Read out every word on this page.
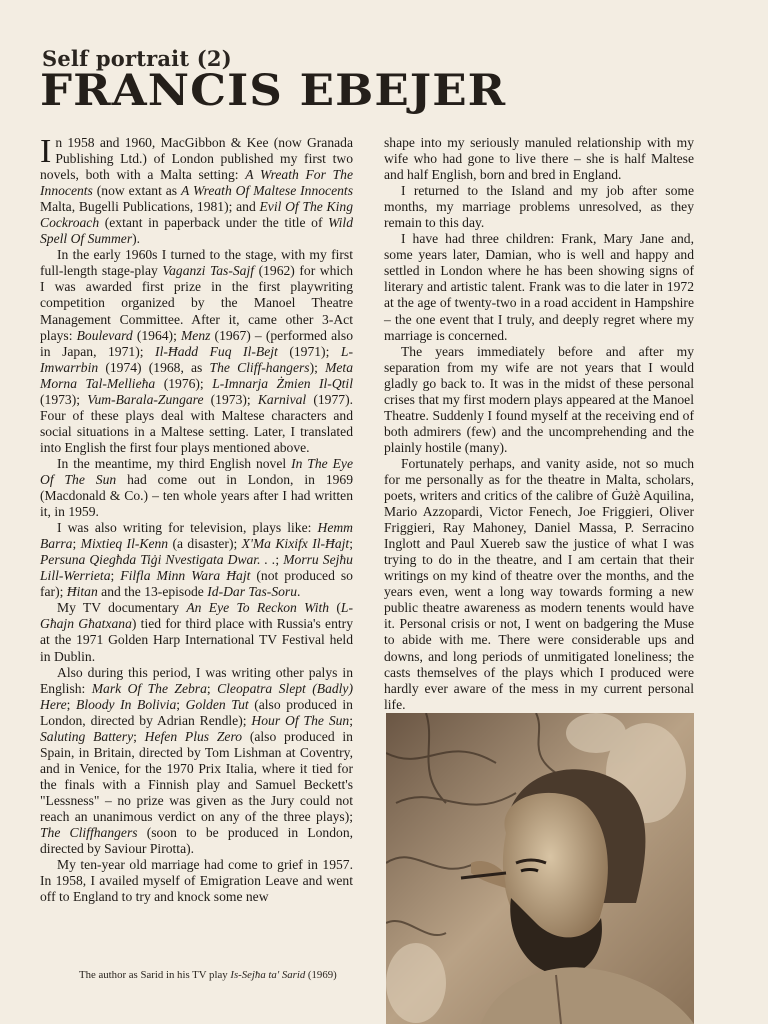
Self portrait (2)
FRANCIS EBEJER

In 1958 and 1960, MacGibbon & Kee (now Granada Publishing Ltd.) of London published my first two novels, both with a Malta setting: A Wreath For The Innocents (now extant as A Wreath Of Maltese Innocents Malta, Bugelli Publications, 1981); and Evil Of The King Cockroach (extant in paperback under the title of Wild Spell Of Summer).

In the early 1960s I turned to the stage, with my first full-length stage-play Vaganzi Tas-Sajf (1962) for which I was awarded first prize in the first playwriting competition organized by the Manoel Theatre Management Committee. After it, came other 3-Act plays: Boulevard (1964); Menz (1967) – (performed also in Japan, 1971); Il-Ħadd Fuq Il-Bejt (1971); L-Imwarrbin (1974) (1968, as The Cliff-hangers); Meta Morna Tal-Mellieħa (1976); L-Imnarja Żmien Il-Qtil (1973); Vum-Barala-Zungare (1973); Karnival (1977). Four of these plays deal with Maltese characters and social situations in a Maltese setting. Later, I translated into English the first four plays mentioned above.

In the meantime, my third English novel In The Eye Of The Sun had come out in London, in 1969 (Macdonald & Co.) – ten whole years after I had written it, in 1959.

I was also writing for television, plays like: Hemm Barra; Mixtieq Il-Kenn (a disaster); X'Ma Kixifx Il-Ħajt; Persuna Qiegħda Tiġi Nvestigata Dwar. . .; Morru Sejħu Lill-Werrieta; Filfla Minn Wara Ħajt (not produced so far); Ħitan and the 13-episode Id-Dar Tas-Soru.

My TV documentary An Eye To Reckon With (L-Għajn Għatxana) tied for third place with Russia's entry at the 1971 Golden Harp International TV Festival held in Dublin.

Also during this period, I was writing other palys in English: Mark Of The Zebra; Cleopatra Slept (Badly) Here; Bloody In Bolivia; Golden Tut (also produced in London, directed by Adrian Rendle); Hour Of The Sun; Saluting Battery; Hefen Plus Zero (also produced in Spain, in Britain, directed by Tom Lishman at Coventry, and in Venice, for the 1970 Prix Italia, where it tied for the finals with a Finnish play and Samuel Beckett's "Lessness" – no prize was given as the Jury could not reach an unanimous verdict on any of the three plays); The Cliffhangers (soon to be produced in London, directed by Saviour Pirotta).

My ten-year old marriage had come to grief in 1957. In 1958, I availed myself of Emigration Leave and went off to England to try and knock some new

shape into my seriously manuled relationship with my wife who had gone to live there – she is half Maltese and half English, born and bred in England.

I returned to the Island and my job after some months, my marriage problems unresolved, as they remain to this day.

I have had three children: Frank, Mary Jane and, some years later, Damian, who is well and happy and settled in London where he has been showing signs of literary and artistic talent. Frank was to die later in 1972 at the age of twenty-two in a road accident in Hampshire – the one event that I truly, and deeply regret where my marriage is concerned.

The years immediately before and after my separation from my wife are not years that I would gladly go back to. It was in the midst of these personal crises that my first modern plays appeared at the Manoel Theatre. Suddenly I found myself at the receiving end of both admirers (few) and the uncomprehending and the plainly hostile (many).

Fortunately perhaps, and vanity aside, not so much for me personally as for the theatre in Malta, scholars, poets, writers and critics of the calibre of Ġużè Aquilina, Mario Azzopardi, Victor Fenech, Joe Friggieri, Oliver Friggieri, Ray Mahoney, Daniel Massa, P. Serracino Inglott and Paul Xuereb saw the justice of what I was trying to do in the theatre, and I am certain that their writings on my kind of theatre over the months, and the years even, went a long way towards forming a new public theatre awareness as modern tenents would have it. Personal crisis or not, I went on badgering the Muse to abide with me. There were considerable ups and downs, and long periods of unmitigated loneliness; the casts themselves of the plays which I produced were hardly ever aware of the mess in my current personal life.

The author as Sarid in his TV play Is-Sejħa ta' Sarid (1969)
